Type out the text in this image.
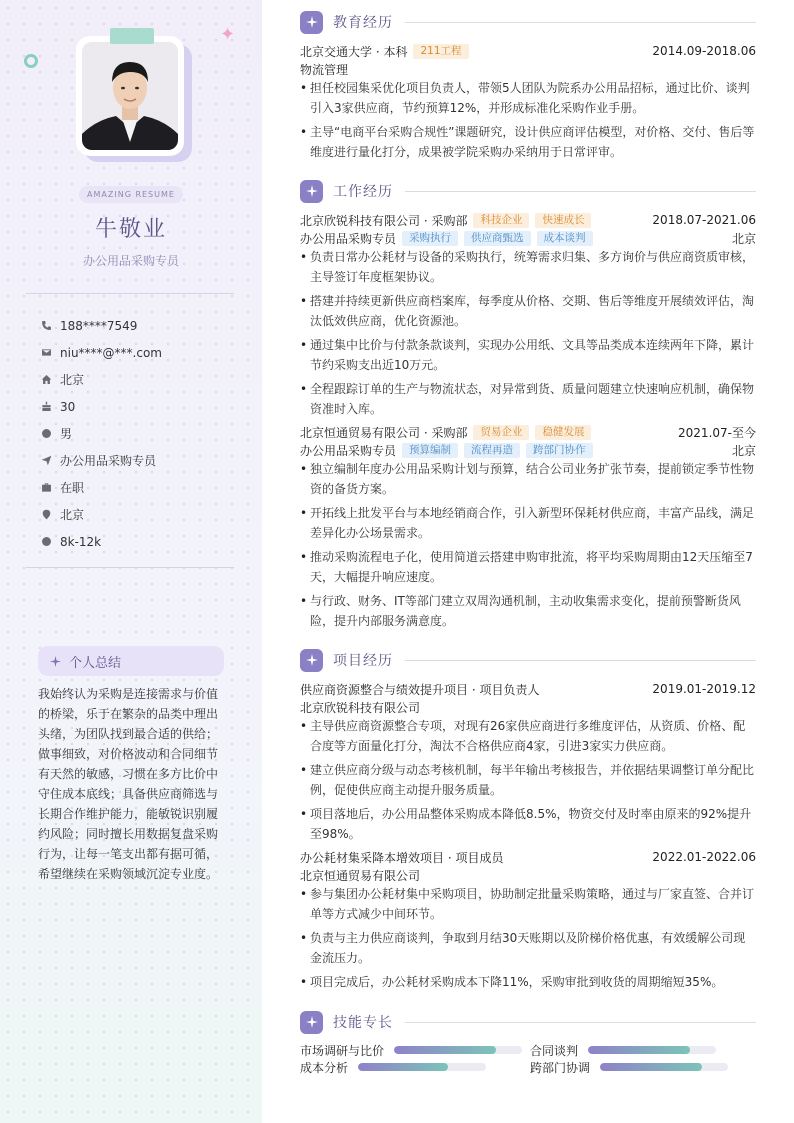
✦
AMAZING RESUME
牛敬业
办公用品采购专员
188****7549
niu****@***.com
北京
30
男
办公用品采购专员
在职
北京
8k-12k
个人总结
我始终认为采购是连接需求与价值的桥梁，乐于在繁杂的品类中理出头绪，为团队找到最合适的供给；做事细致，对价格波动和合同细节有天然的敏感，习惯在多方比价中守住成本底线；具备供应商筛选与长期合作维护能力，能敏锐识别履约风险；同时擅长用数据复盘采购行为，让每一笔支出都有据可循，希望继续在采购领域沉淀专业度。
教育经历
北京交通大学 · 本科	211工程	2014.09-2018.06
物流管理
• 担任校园集采优化项目负责人，带领5人团队为院系办公用品招标，通过比价、谈判引入3家供应商，节约预算12%，并形成标准化采购作业手册。
• 主导“电商平台采购合规性”课题研究，设计供应商评估模型，对价格、交付、售后等维度进行量化打分，成果被学院采购办采纳用于日常评审。
工作经历
北京欣锐科技有限公司 · 采购部	科技企业	快速成长	2018.07-2021.06
办公用品采购专员	采购执行	供应商甄选	成本谈判	北京
• 负责日常办公耗材与设备的采购执行，统筹需求归集、多方询价与供应商资质审核，主导签订年度框架协议。
• 搭建并持续更新供应商档案库，每季度从价格、交期、售后等维度开展绩效评估，淘汰低效供应商，优化资源池。
• 通过集中比价与付款条款谈判，实现办公用纸、文具等品类成本连续两年下降，累计节约采购支出近10万元。
• 全程跟踪订单的生产与物流状态，对异常到货、质量问题建立快速响应机制，确保物资准时入库。
北京恒通贸易有限公司 · 采购部	贸易企业	稳健发展	2021.07-至今
办公用品采购专员	预算编制	流程再造	跨部门协作	北京
• 独立编制年度办公用品采购计划与预算，结合公司业务扩张节奏，提前锁定季节性物资的备货方案。
• 开拓线上批发平台与本地经销商合作，引入新型环保耗材供应商，丰富产品线，满足差异化办公场景需求。
• 推动采购流程电子化，使用简道云搭建申购审批流，将平均采购周期由12天压缩至7天，大幅提升响应速度。
• 与行政、财务、IT等部门建立双周沟通机制，主动收集需求变化，提前预警断货风险，提升内部服务满意度。
项目经历
供应商资源整合与绩效提升项目 · 项目负责人	2019.01-2019.12
北京欣锐科技有限公司
• 主导供应商资源整合专项，对现有26家供应商进行多维度评估，从资质、价格、配合度等方面量化打分，淘汰不合格供应商4家，引进3家实力供应商。
• 建立供应商分级与动态考核机制，每半年输出考核报告，并依据结果调整订单分配比例，促使供应商主动提升服务质量。
• 项目落地后，办公用品整体采购成本降低8.5%，物资交付及时率由原来的92%提升至98%。
办公耗材集采降本增效项目 · 项目成员	2022.01-2022.06
北京恒通贸易有限公司
• 参与集团办公耗材集中采购项目，协助制定批量采购策略，通过与厂家直签、合并订单等方式减少中间环节。
• 负责与主力供应商谈判，争取到月结30天账期以及阶梯价格优惠，有效缓解公司现金流压力。
• 项目完成后，办公耗材采购成本下降11%，采购审批到收货的周期缩短35%。
技能专长
市场调研与比价	合同谈判
成本分析	跨部门协调
